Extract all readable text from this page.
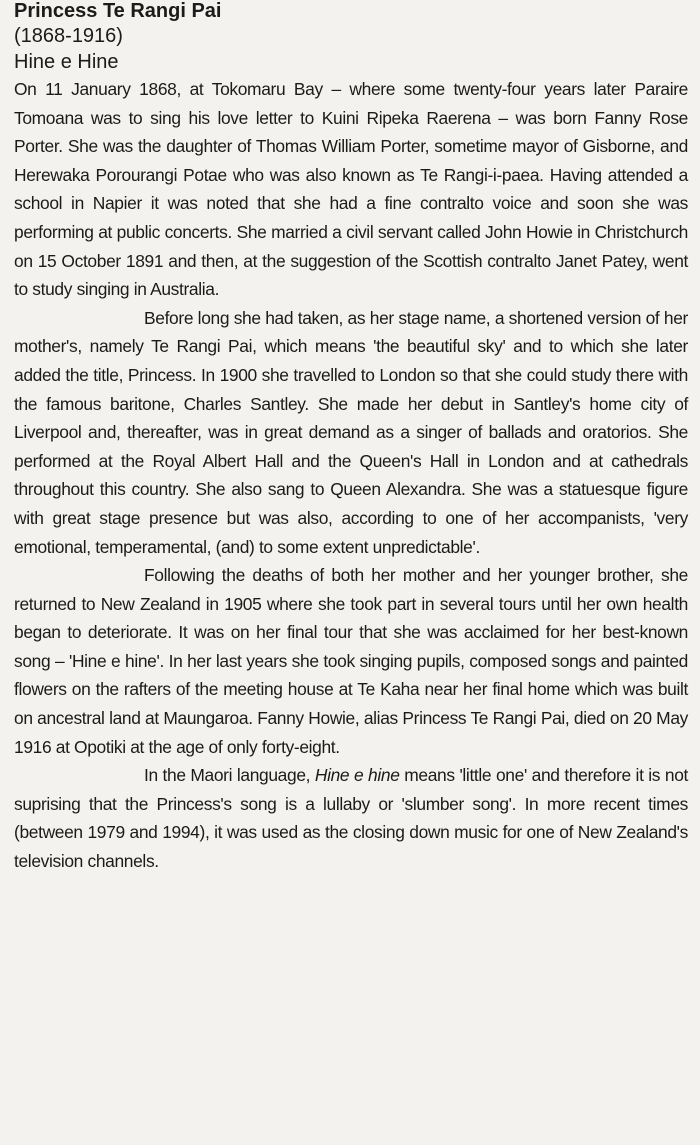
Princess Te Rangi Pai
(1868-1916)
Hine e Hine

On 11 January 1868, at Tokomaru Bay – where some twenty-four years later Paraire Tomoana was to sing his love letter to Kuini Ripeka Raerena – was born Fanny Rose Porter. She was the daughter of Thomas William Porter, sometime mayor of Gisborne, and Herewaka Porourangi Potae who was also known as Te Rangi-i-paea. Having attended a school in Napier it was noted that she had a fine contralto voice and soon she was performing at public concerts. She married a civil servant called John Howie in Christchurch on 15 October 1891 and then, at the suggestion of the Scottish contralto Janet Patey, went to study singing in Australia.

Before long she had taken, as her stage name, a shortened version of her mother's, namely Te Rangi Pai, which means 'the beautiful sky' and to which she later added the title, Princess. In 1900 she travelled to London so that she could study there with the famous baritone, Charles Santley. She made her debut in Santley's home city of Liverpool and, thereafter, was in great demand as a singer of ballads and oratorios. She performed at the Royal Albert Hall and the Queen's Hall in London and at cathedrals throughout this country. She also sang to Queen Alexandra. She was a statuesque figure with great stage presence but was also, according to one of her accompanists, 'very emotional, temperamental, (and) to some extent unpredictable'.

Following the deaths of both her mother and her younger brother, she returned to New Zealand in 1905 where she took part in several tours until her own health began to deteriorate. It was on her final tour that she was acclaimed for her best-known song – 'Hine e hine'. In her last years she took singing pupils, composed songs and painted flowers on the rafters of the meeting house at Te Kaha near her final home which was built on ancestral land at Maungaroa. Fanny Howie, alias Princess Te Rangi Pai, died on 20 May 1916 at Opotiki at the age of only forty-eight.

In the Maori language, Hine e hine means 'little one' and therefore it is not suprising that the Princess's song is a lullaby or 'slumber song'. In more recent times (between 1979 and 1994), it was used as the closing down music for one of New Zealand's television channels.
